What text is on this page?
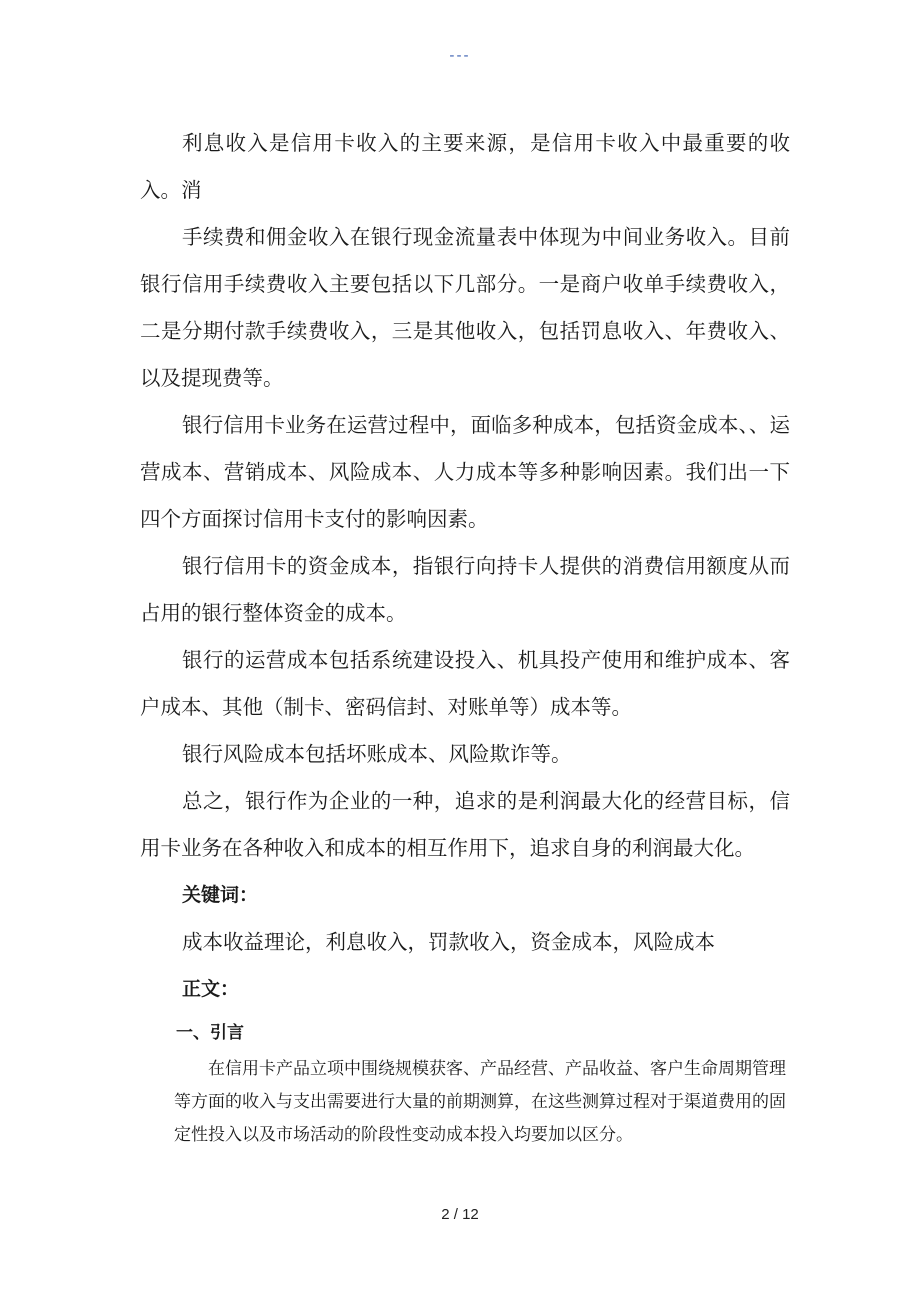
---

利息收入是信用卡收入的主要来源，是信用卡收入中最重要的收入。消

手续费和佣金收入在银行现金流量表中体现为中间业务收入。目前银行信用手续费收入主要包括以下几部分。一是商户收单手续费收入，二是分期付款手续费收入，三是其他收入，包括罚息收入、年费收入、以及提现费等。

银行信用卡业务在运营过程中，面临多种成本，包括资金成本、、运营成本、营销成本、风险成本、人力成本等多种影响因素。我们出一下四个方面探讨信用卡支付的影响因素。

银行信用卡的资金成本，指银行向持卡人提供的消费信用额度从而占用的银行整体资金的成本。

银行的运营成本包括系统建设投入、机具投产使用和维护成本、客户成本、其他（制卡、密码信封、对账单等）成本等。

银行风险成本包括坏账成本、风险欺诈等。

总之，银行作为企业的一种，追求的是利润最大化的经营目标，信用卡业务在各种收入和成本的相互作用下，追求自身的利润最大化。

关键词：

成本收益理论，利息收入，罚款收入，资金成本，风险成本

正文：

一、引言

在信用卡产品立项中围绕规模获客、产品经营、产品收益、客户生命周期管理等方面的收入与支出需要进行大量的前期测算，在这些测算过程对于渠道费用的固定性投入以及市场活动的阶段性变动成本投入均要加以区分。

2 / 12
